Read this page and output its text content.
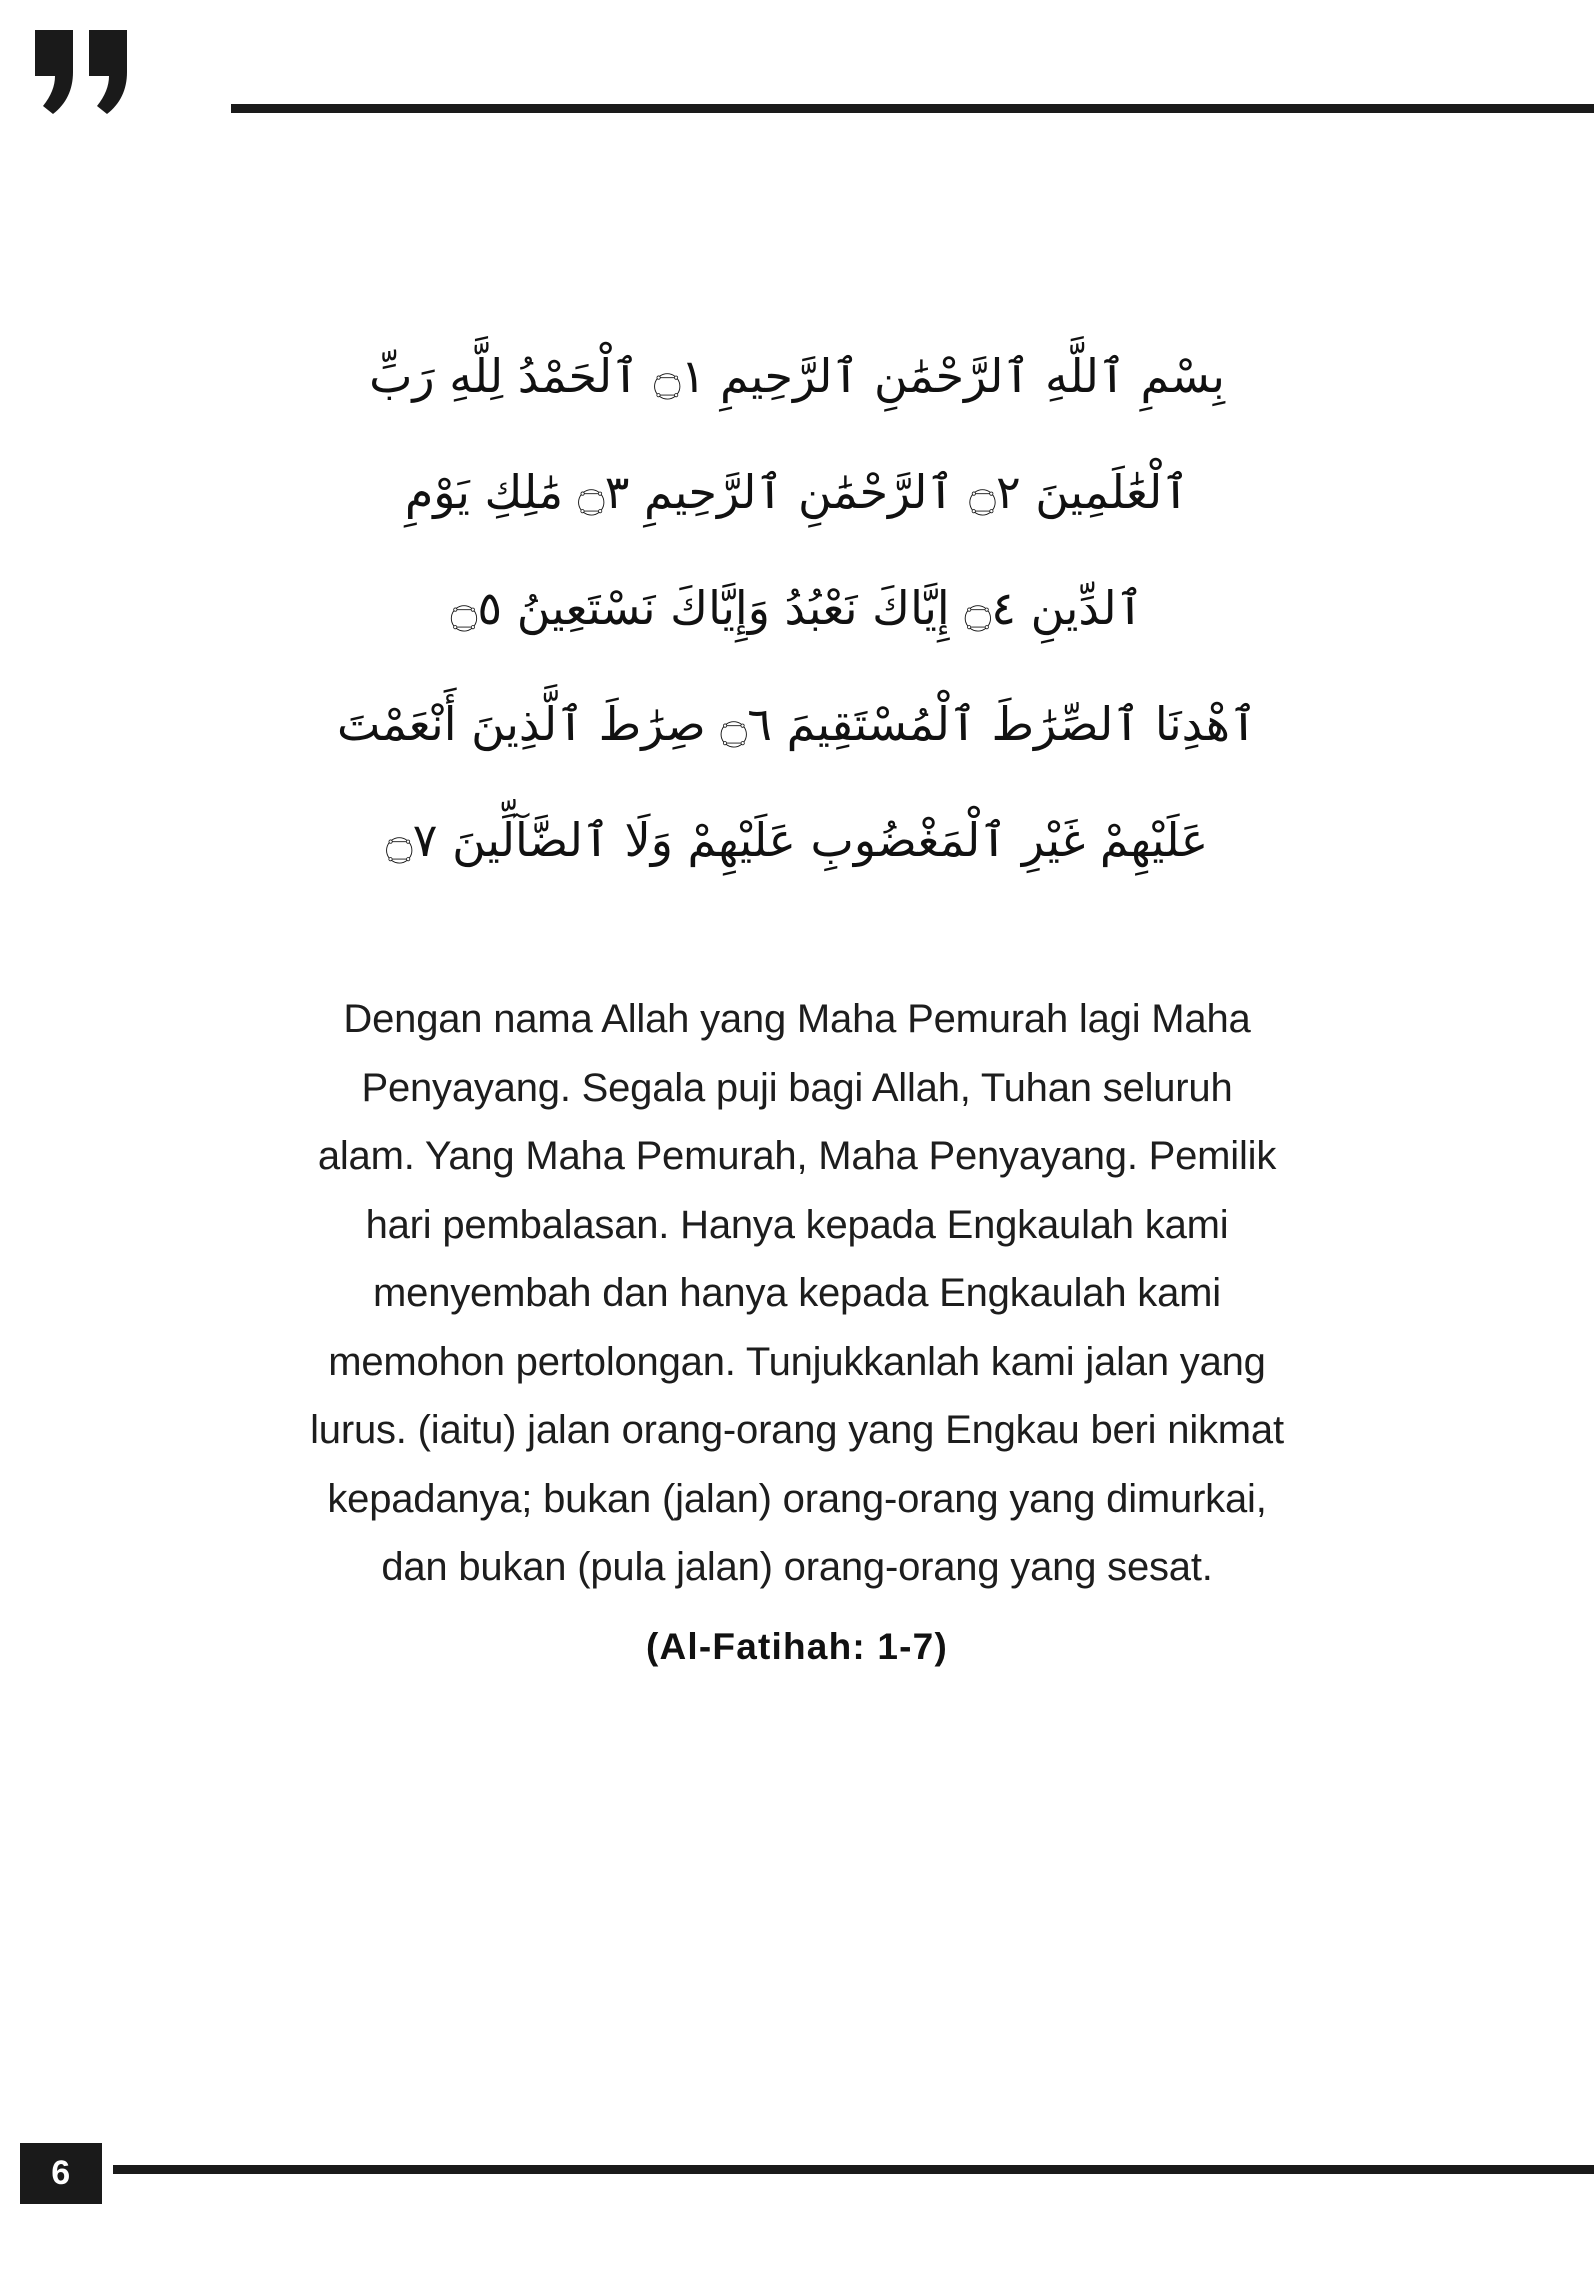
بِسْمِ ٱللَّهِ ٱلرَّحْمَٰنِ ٱلرَّحِيمِ ۝١ ٱلْحَمْدُ لِلَّهِ رَبِّ
ٱلْعَٰلَمِينَ ۝٢ ٱلرَّحْمَٰنِ ٱلرَّحِيمِ ۝٣ مَٰلِكِ يَوْمِ
ٱلدِّينِ ۝٤ إِيَّاكَ نَعْبُدُ وَإِيَّاكَ نَسْتَعِينُ ۝٥
ٱهْدِنَا ٱلصِّرَٰطَ ٱلْمُسْتَقِيمَ ۝٦ صِرَٰطَ ٱلَّذِينَ أَنْعَمْتَ
عَلَيْهِمْ غَيْرِ ٱلْمَغْضُوبِ عَلَيْهِمْ وَلَا ٱلضَّآلِّينَ ۝٧
Dengan nama Allah yang Maha Pemurah lagi Maha
Penyayang. Segala puji bagi Allah, Tuhan seluruh
alam. Yang Maha Pemurah, Maha Penyayang. Pemilik
hari pembalasan. Hanya kepada Engkaulah kami
menyembah dan hanya kepada Engkaulah kami
memohon pertolongan. Tunjukkanlah kami jalan yang
lurus. (iaitu) jalan orang-orang yang Engkau beri nikmat
kepadanya; bukan (jalan) orang-orang yang dimurkai,
dan bukan (pula jalan) orang-orang yang sesat.
(Al-Fatihah: 1-7)
6
